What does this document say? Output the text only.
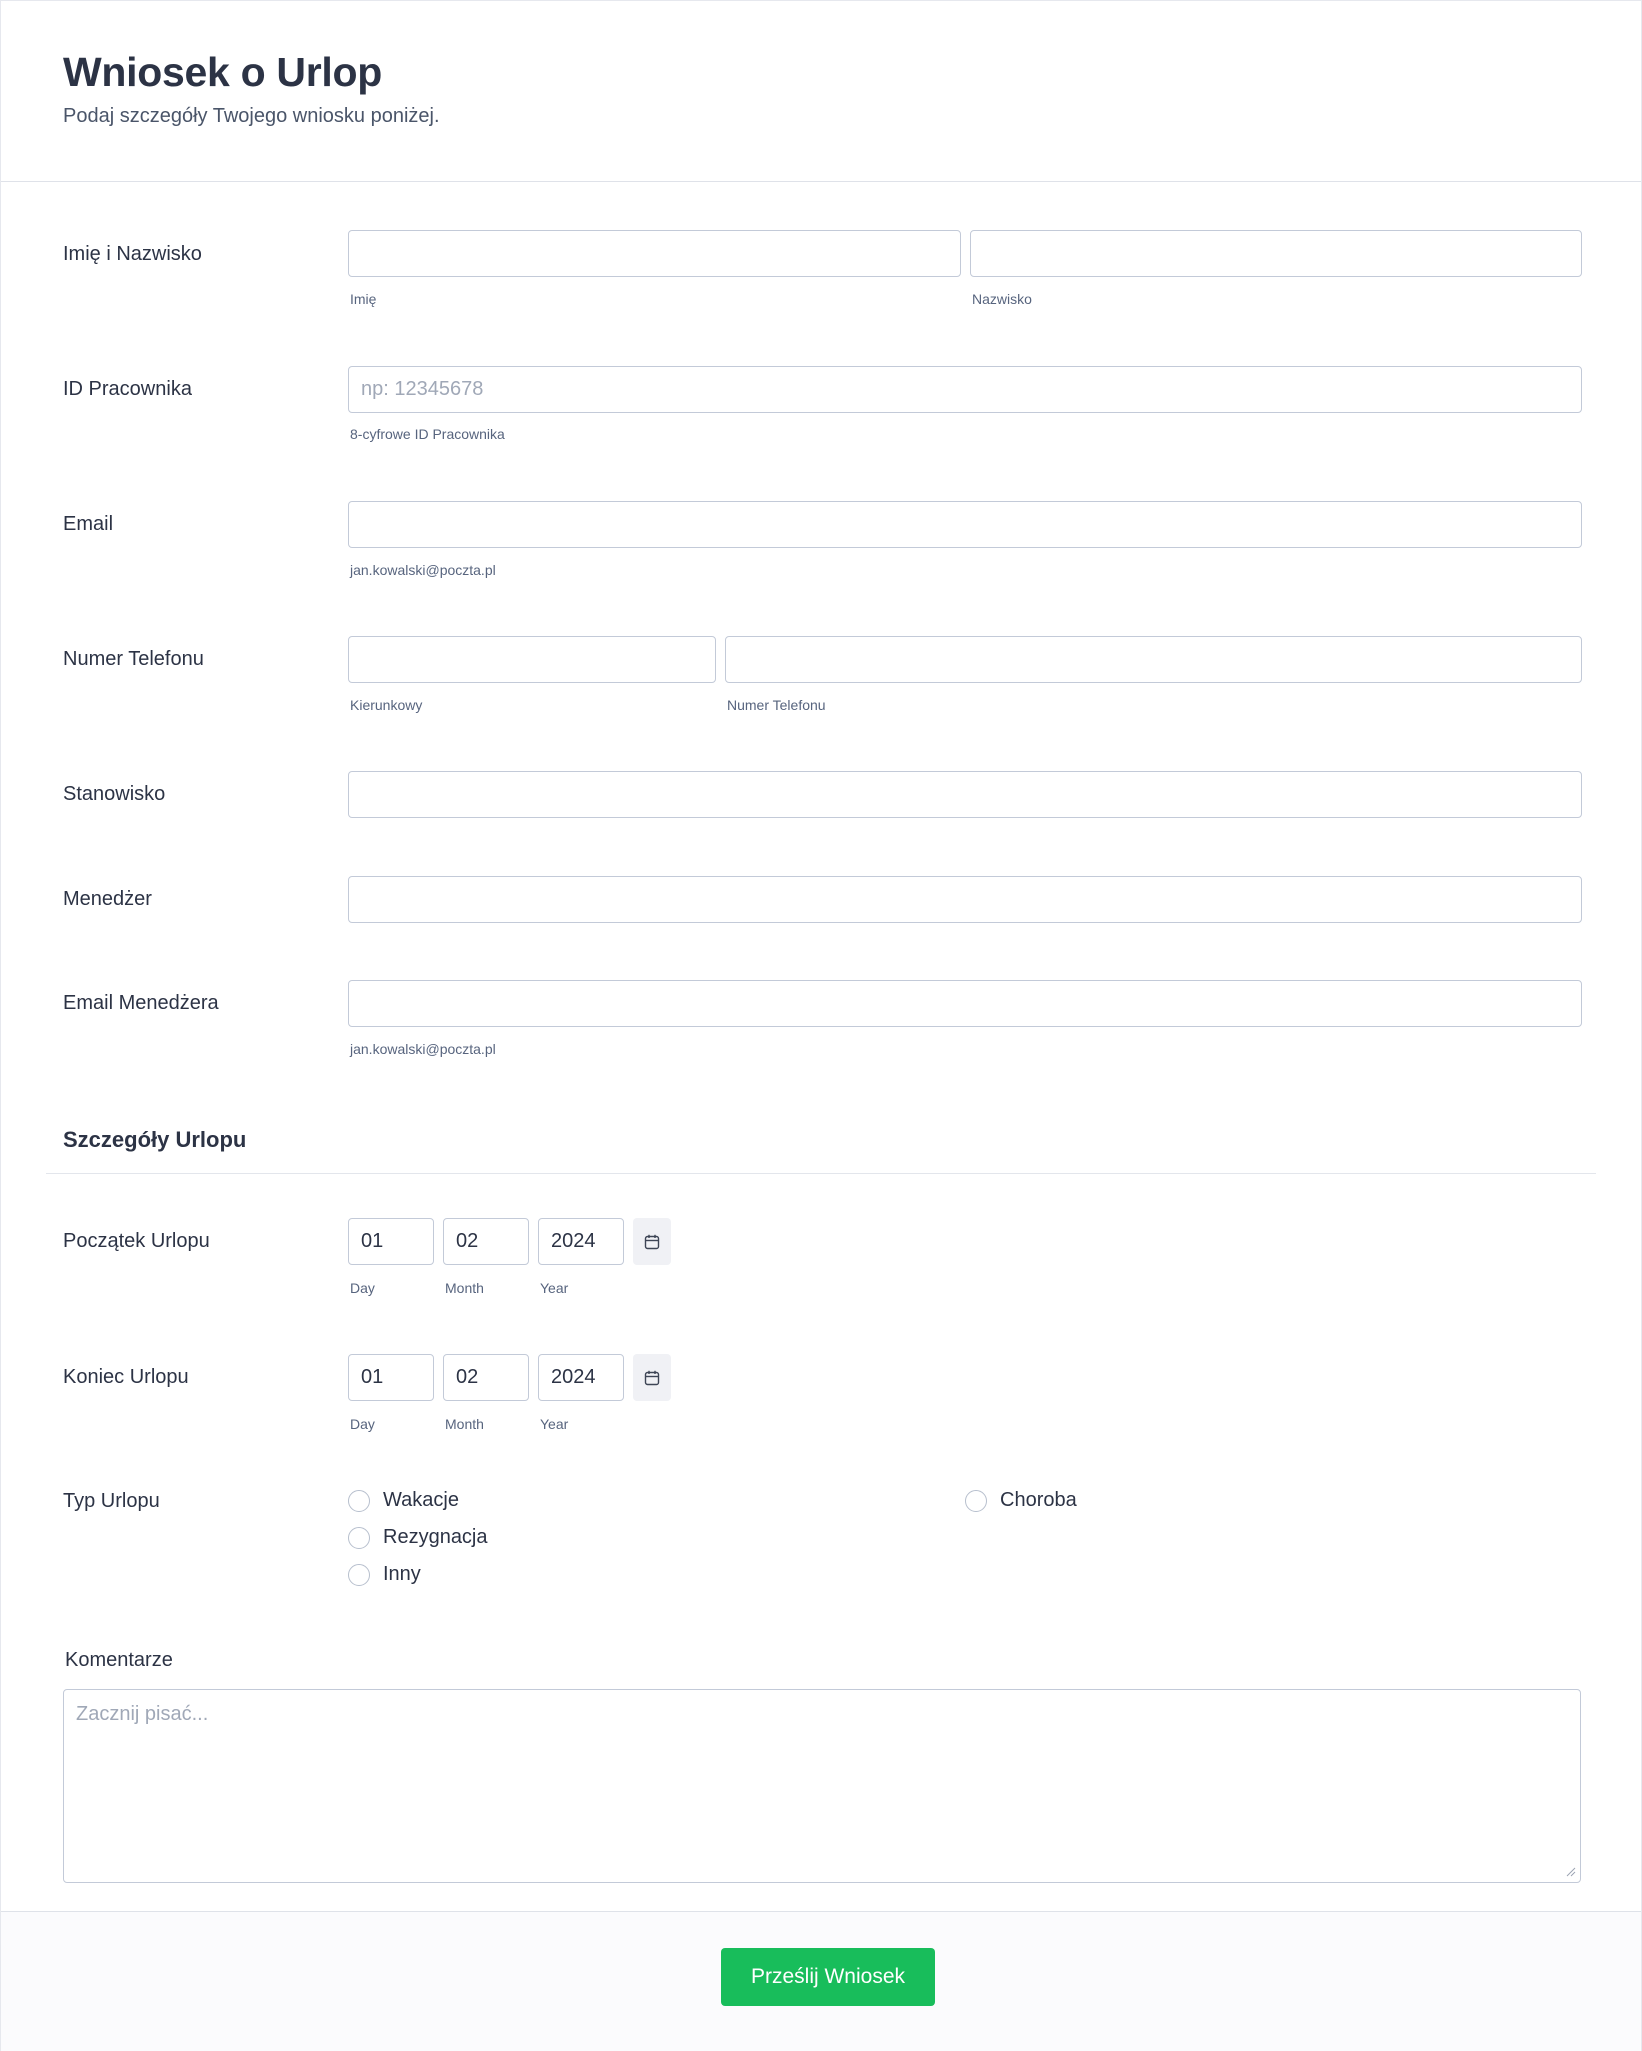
Wniosek o Urlop

Podaj szczegóły Twojego wniosku poniżej.

Imię i Nazwisko
Imię	Nazwisko
ID Pracownika
np: 12345678
8-cyfrowe ID Pracownika
Email
jan.kowalski@poczta.pl
Numer Telefonu
Kierunkowy	Numer Telefonu
Stanowisko
Menedżer
Email Menedżera
jan.kowalski@poczta.pl
Szczegóły Urlopu
Początek Urlopu	01	02	2024
Day	Month	Year
Koniec Urlopu	01	02	2024
Day	Month	Year
Typ Urlopu	Wakacje
Rezygnacja
Inny
Choroba
Komentarze
Zacznij pisać...
Prześlij Wniosek
